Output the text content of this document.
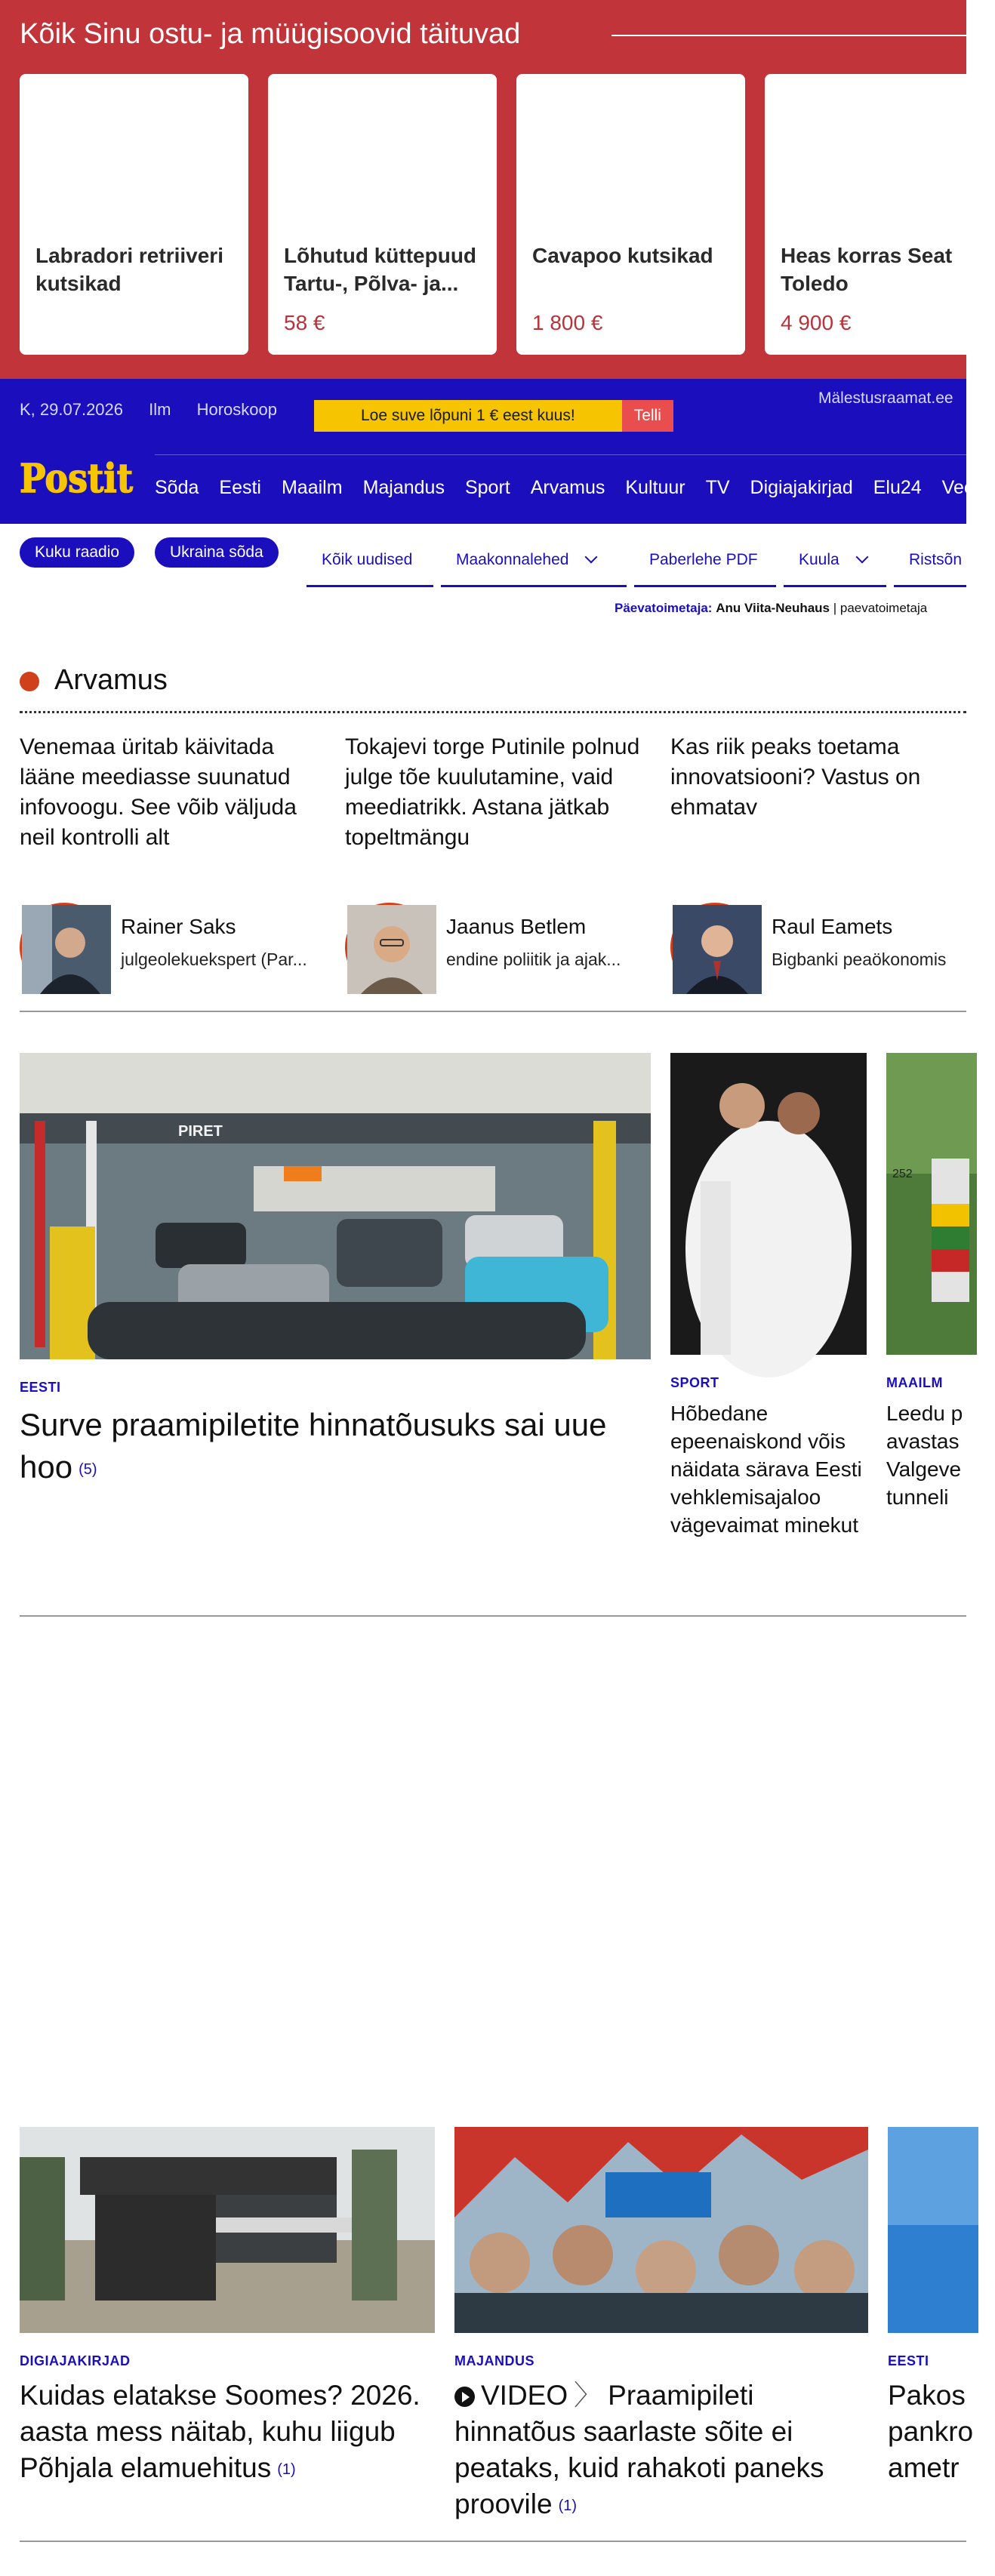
Kõik Sinu ostu- ja müügisoovid täituvad
Labradori retriiveri kutsikad
Lõhutud küttepuud Tartu-, Põlva- ja...
58 €
Cavapoo kutsikad
1 800 €
Heas korras Seat Toledo
4 900 €
K, 29.07.2026 Ilm Horoskoop	Loe suve lõpuni 1 € eest kuus!	Telli
Mälestusraamat.ee
Postit Sõda Eesti Maailm Majandus Sport Arvamus Kultuur TV Digiajakirjad Elu24 Vee
Kuku raadio	Ukraina sõda	Kõik uudised	Maakonnalehed	Paberlehe PDF	Kuula	Ristsõn
Päevatoimetaja: Anu Viita-Neuhaus | paevatoimetaja
Arvamus
Venemaa üritab käivitada lääne meediasse suunatud infovoogu. See võib väljuda neil kontrolli alt
Tokajevi torge Putinile polnud julge tõe kuulutamine, vaid meediatrikk. Astana jätkab topeltmängu
Kas riik peaks toetama innovatsiooni? Vastus on ehmatav
Rainer Saks
julgeolekuekspert (Par...
Jaanus Betlem
endine poliitik ja ajak...
Raul Eamets
Bigbanki peaökonomis
PIRET
EESTI
Surve praamipiletite hinnatõusuks sai uue hoo (5)
SPORT
Hõbedane epeenaiskond võis näidata särava Eesti vehklemisajaloo vägevaimat minekut
252
MAAILM
Leedu p avastas Valgeve tunneli
DIGIAJAKIRJAD
Kuidas elatakse Soomes? 2026. aasta mess näitab, kuhu liigub Põhjala elamuehitus (1)
MAJANDUS
VIDEO 〉 Praamipileti hinnatõus saarlaste sõite ei peataks, kuid rahakoti paneks proovile (1)
EESTI
Pakos pankro ametr
